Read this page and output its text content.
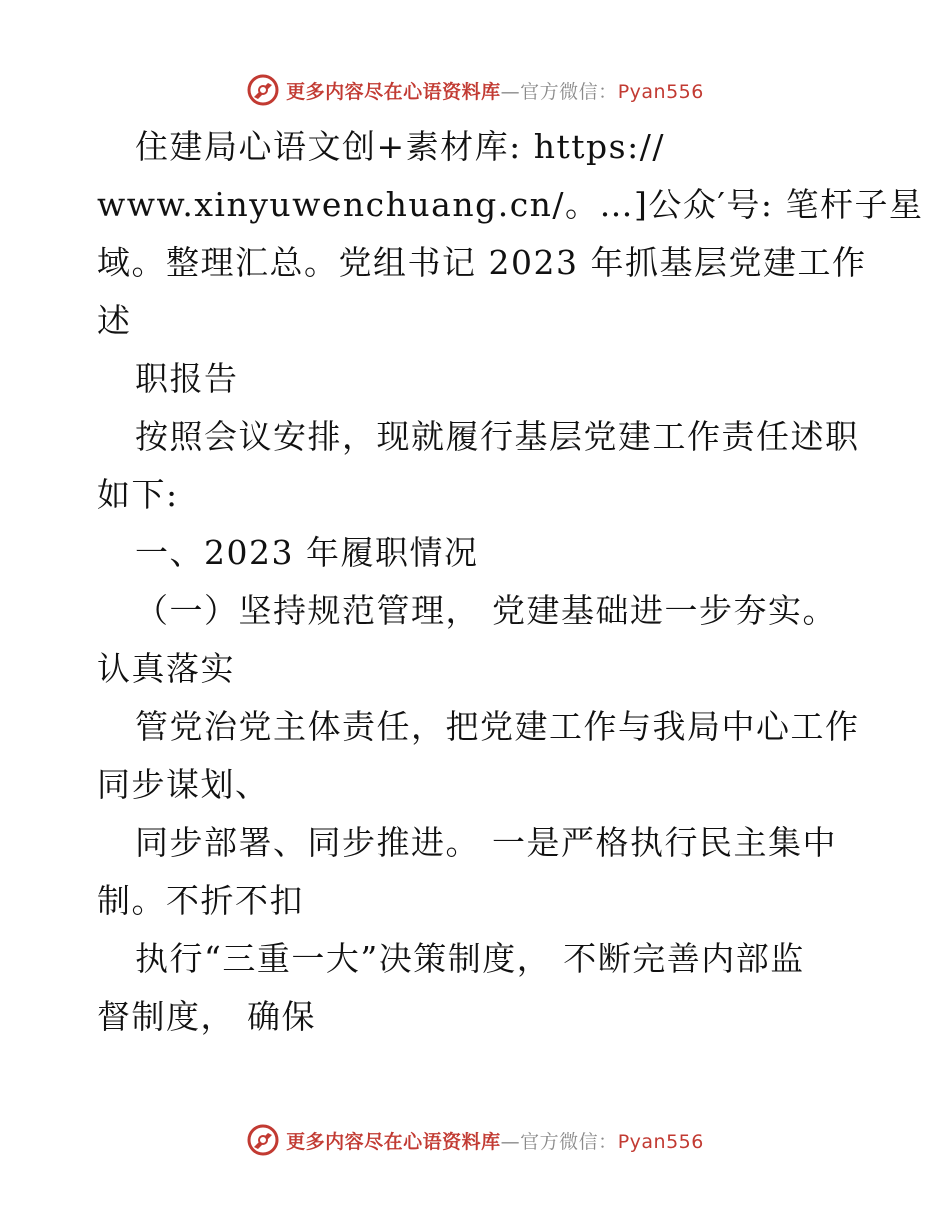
更多内容尽在心语资料库—官方微信：Pyan556
住建局心语文创+素材库: https://
www.xinyuwenchuang.cn/。…]公众′号: 笔杆子星
域。整理汇总。党组书记 2023 年抓基层党建工作
述
职报告
按照会议安排，现就履行基层党建工作责任述职
如下:
一、2023 年履职情况
（一）坚持规范管理， 党建基础进一步夯实。
认真落实
管党治党主体责任，把党建工作与我局中心工作
同步谋划、
同步部署、同步推进。 一是严格执行民主集中
制。不折不扣
执行“三重一大”决策制度， 不断完善内部监
督制度， 确保
更多内容尽在心语资料库—官方微信：Pyan556
